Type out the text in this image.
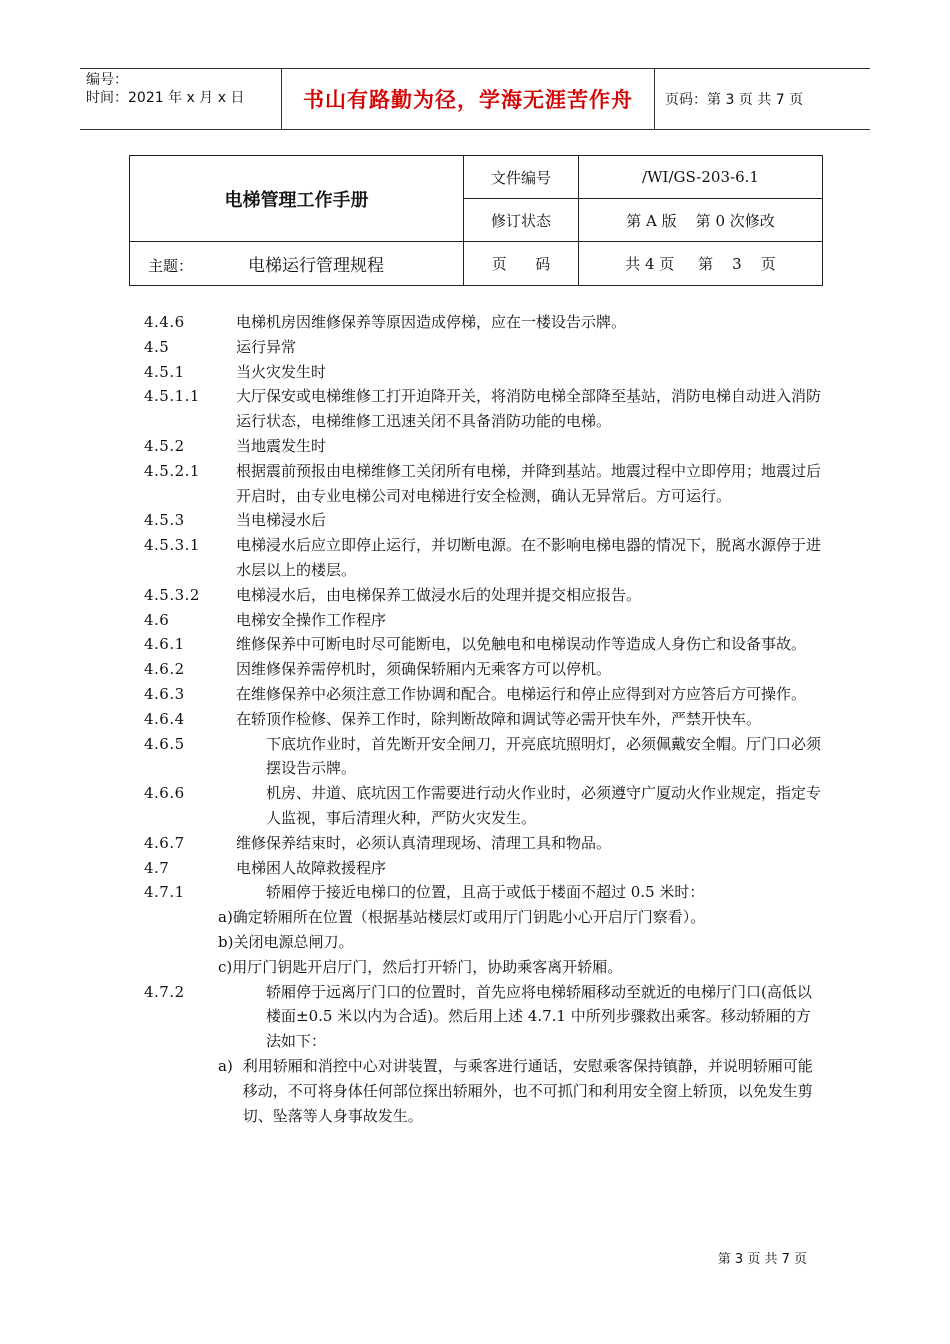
编号：
时间：2021 年 x 月 x 日	书山有路勤为径，学海无涯苦作舟	页码：第 3 页 共 7 页
电梯管理工作手册	文件编号	/WI/GS-203-6.1
	修订状态	第 A 版    第 0 次修改
主题： 电梯运行管理规程	页      码	共 4 页     第    3    页
4.4.6	电梯机房因维修保养等原因造成停梯，应在一楼设告示牌。
4.5	运行异常
4.5.1	当火灾发生时
4.5.1.1	大厅保安或电梯维修工打开迫降开关，将消防电梯全部降至基站，消防电梯自动进入消防运行状态，电梯维修工迅速关闭不具备消防功能的电梯。
4.5.2	当地震发生时
4.5.2.1	根据震前预报由电梯维修工关闭所有电梯，并降到基站。地震过程中立即停用；地震过后开启时，由专业电梯公司对电梯进行安全检测，确认无异常后。方可运行。
4.5.3	当电梯浸水后
4.5.3.1	电梯浸水后应立即停止运行，并切断电源。在不影响电梯电器的情况下，脱离水源停于进水层以上的楼层。
4.5.3.2	电梯浸水后，由电梯保养工做浸水后的处理并提交相应报告。
4.6	电梯安全操作工作程序
4.6.1	维修保养中可断电时尽可能断电，以免触电和电梯误动作等造成人身伤亡和设备事故。
4.6.2	因维修保养需停机时，须确保轿厢内无乘客方可以停机。
4.6.3	在维修保养中必须注意工作协调和配合。电梯运行和停止应得到对方应答后方可操作。
4.6.4	在轿顶作检修、保养工作时，除判断故障和调试等必需开快车外，严禁开快车。
4.6.5	下底坑作业时，首先断开安全闸刀，开亮底坑照明灯，必须佩戴安全帽。厅门口必须摆设告示牌。
4.6.6	机房、井道、底坑因工作需要进行动火作业时，必须遵守广厦动火作业规定，指定专人监视，事后清理火种，严防火灾发生。
4.6.7	维修保养结束时，必须认真清理现场、清理工具和物品。
4.7	电梯困人故障救援程序
4.7.1	轿厢停于接近电梯口的位置，且高于或低于楼面不超过 0.5 米时：
a) 确定轿厢所在位置（根据基站楼层灯或用厅门钥匙小心开启厅门察看）。
b) 关闭电源总闸刀。
c) 用厅门钥匙开启厅门，然后打开轿门，协助乘客离开轿厢。
4.7.2	轿厢停于远离厅门口的位置时，首先应将电梯轿厢移动至就近的电梯厅门口(高低以楼面±0.5 米以内为合适)。然后用上述 4.7.1 中所列步骤救出乘客。移动轿厢的方法如下：
a) 利用轿厢和消控中心对讲装置，与乘客进行通话，安慰乘客保持镇静，并说明轿厢可能移动，不可将身体任何部位探出轿厢外，也不可抓门和利用安全窗上轿顶，以免发生剪切、坠落等人身事故发生。
第 3 页 共 7 页
